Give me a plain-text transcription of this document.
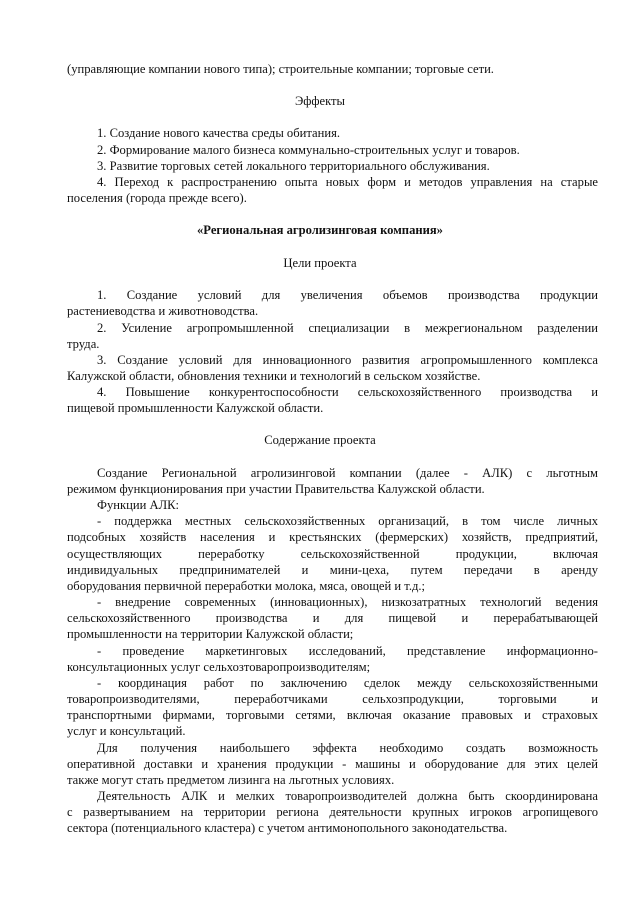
(управляющие компании нового типа); строительные компании; торговые сети.
Эффекты
1. Создание нового качества среды обитания.
2. Формирование малого бизнеса коммунально-строительных услуг и товаров.
3. Развитие торговых сетей локального территориального обслуживания.
4. Переход к распространению опыта новых форм и методов управления на старые
поселения (города прежде всего).
«Региональная агролизинговая компания»
Цели проекта
1. Создание условий для увеличения объемов производства продукции
растениеводства и животноводства.
2. Усиление агропромышленной специализации в межрегиональном разделении
труда.
3. Создание условий для инновационного развития агропромышленного комплекса
Калужской области, обновления техники и технологий в сельском хозяйстве.
4. Повышение конкурентоспособности сельскохозяйственного производства и
пищевой промышленности Калужской области.
Содержание проекта
Создание Региональной агролизинговой компании (далее - АЛК) с льготным
режимом функционирования при участии Правительства Калужской области.
Функции АЛК:
- поддержка местных сельскохозяйственных организаций, в том числе личных
подсобных хозяйств населения и крестьянских (фермерских) хозяйств, предприятий,
осуществляющих переработку сельскохозяйственной продукции, включая
индивидуальных предпринимателей и мини-цеха, путем передачи в аренду
оборудования первичной переработки молока, мяса, овощей и т.д.;
- внедрение современных (инновационных), низкозатратных технологий ведения
сельскохозяйственного производства и для пищевой и перерабатывающей
промышленности на территории Калужской области;
- проведение маркетинговых исследований, представление информационно-
консультационных услуг сельхозтоваропроизводителям;
- координация работ по заключению сделок между сельскохозяйственными
товаропроизводителями, переработчиками сельхозпродукции, торговыми и
транспортными фирмами, торговыми сетями, включая оказание правовых и страховых
услуг и консультаций.
Для получения наибольшего эффекта необходимо создать возможность
оперативной доставки и хранения продукции - машины и оборудование для этих целей
также могут стать предметом лизинга на льготных условиях.
Деятельность АЛК и мелких товаропроизводителей должна быть скоординирована
с развертыванием на территории региона деятельности крупных игроков агропищевого
сектора (потенциального кластера) с учетом антимонопольного законодательства.
